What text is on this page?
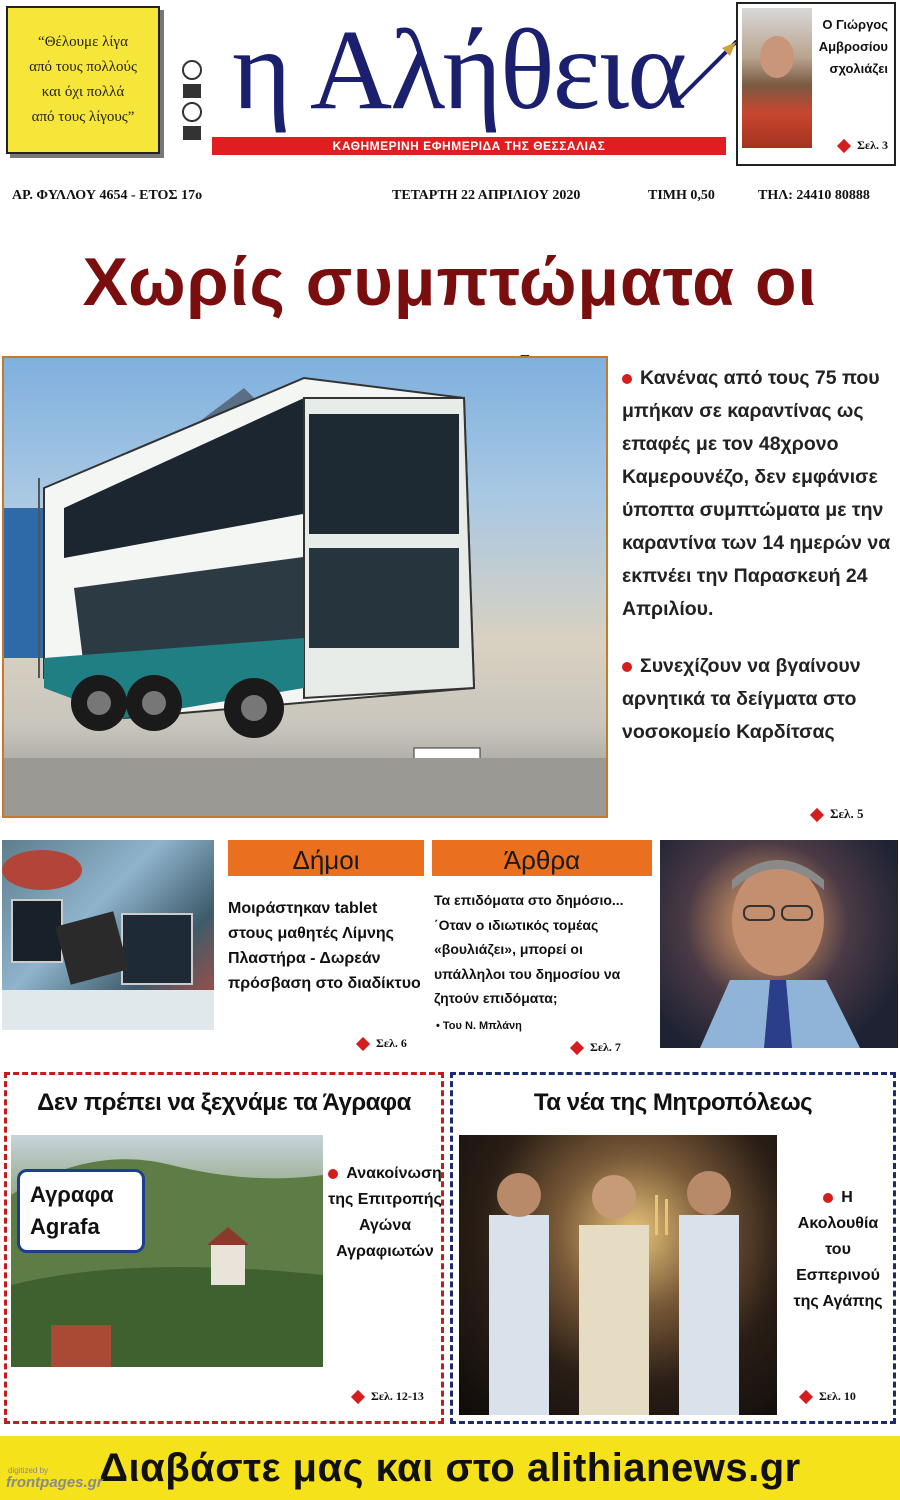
“Θέλουμε λίγα
από τους πολλούς
και όχι πολλά
από τους λίγους” η Αλήθεια
ΚΑΘΗΜΕΡΙΝΗ ΕΦΗΜΕΡΙΔΑ ΤΗΣ ΘΕΣΣΑΛΙΑΣ
Ο Γιώργος
Αμβροσίου
σχολιάζει
Σελ. 3
ΑΡ. ΦΥΛΛΟΥ 4654 - ΕΤΟΣ 17ο	ΤΕΤΑΡΤΗ 22 ΑΠΡΙΛΙΟΥ 2020	ΤΙΜΗ 0,50	ΤΗΛ: 24410 80888
Χωρίς συμπτώματα οι
Κανένας από τους 75 που μπήκαν σε καραντίνας ως επαφές με τον 48χρονο Καμερουνέζο, δεν εμφάνισε ύποπτα συμπτώματα με την καραντίνα των 14 ημερών να εκπνέει την Παρασκευή 24 Απριλίου.
Συνεχίζουν να βγαίνουν αρνητικά τα δείγματα στο νοσοκομείο Καρδίτσας
Σελ. 5
Δήμοι	Άρθρα
Μοιράστηκαν tablet στους μαθητές Λίμνης Πλαστήρα - Δωρεάν πρόσβαση στο διαδίκτυο
Σελ. 6
Τα επιδόματα στο δημόσιο... ΄Οταν ο ιδιωτικός τομέας «βουλιάζει», μπορεί οι υπάλληλοι του δημοσίου να ζητούν επιδόματα;
• Του Ν. Μπλάνη
Σελ. 7
Δεν πρέπει να ξεχνάμε τα Άγραφα
Αγραφα
Agrafa
Ανακοίνωση της Επιτροπής Αγώνα Αγραφιωτών
Σελ. 12-13
Τα νέα της Μητροπόλεως
Η Ακολουθία του Εσπερινού της Αγάπης
Σελ. 10
Διαβάστε μας και στο alithianews.gr
digitized by
frontpages.gr
